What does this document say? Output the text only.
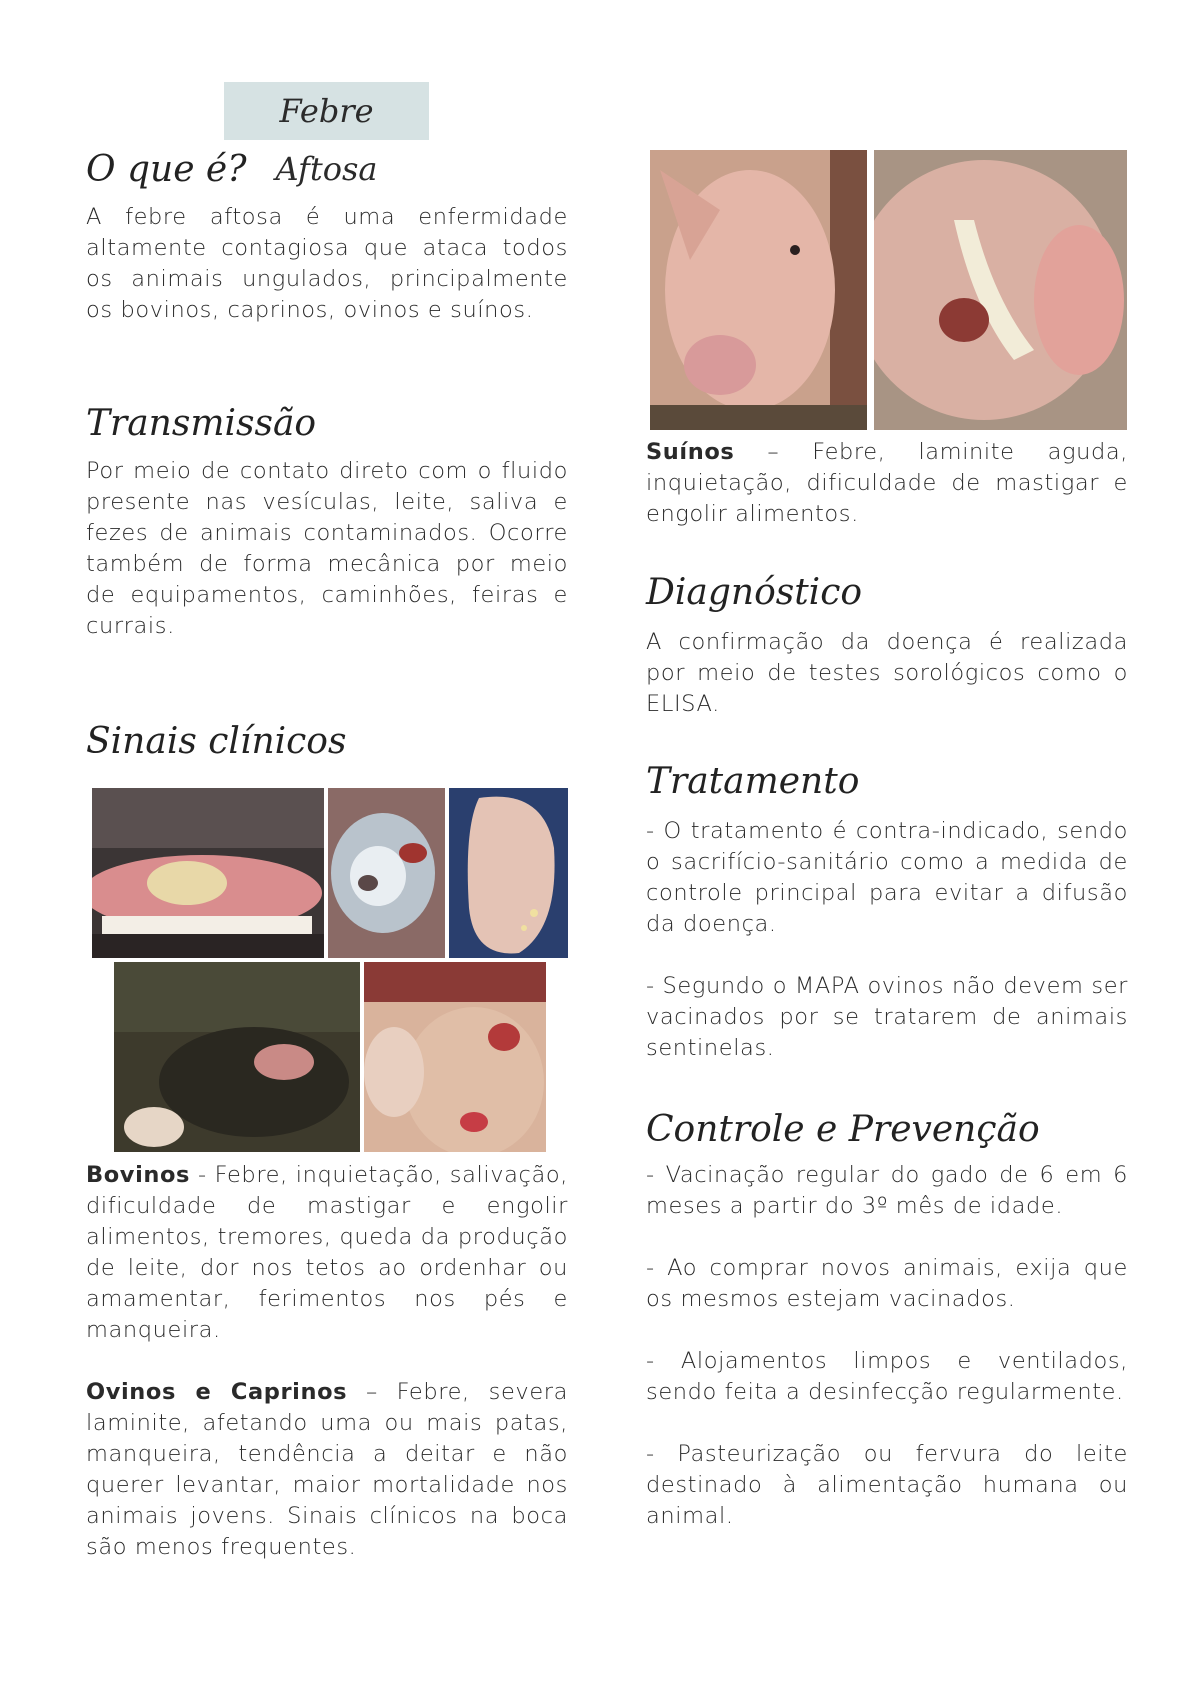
Febre Aftosa
O que é?

A febre aftosa é uma enfermidade altamente contagiosa que ataca todos os animais ungulados, principalmente os bovinos, caprinos, ovinos e suínos.

Transmissão

Por meio de contato direto com o fluido presente nas vesículas, leite, saliva e fezes de animais contaminados. Ocorre também de forma mecânica por meio de equipamentos, caminhões, feiras e currais.

Sinais clínicos

Bovinos - Febre, inquietação, salivação, dificuldade de mastigar e engolir alimentos, tremores, queda da produção de leite, dor nos tetos ao ordenhar ou amamentar, ferimentos nos pés e manqueira.

Ovinos e Caprinos – Febre, severa laminite, afetando uma ou mais patas, manqueira, tendência a deitar e não querer levantar, maior mortalidade nos animais jovens. Sinais clínicos na boca são menos frequentes.

Suínos – Febre, laminite aguda, inquietação, dificuldade de mastigar e engolir alimentos.

Diagnóstico

A confirmação da doença é realizada por meio de testes sorológicos como o ELISA.

Tratamento

- O tratamento é contra-indicado, sendo o sacrifício-sanitário como a medida de controle principal para evitar a difusão da doença.

- Segundo o MAPA ovinos não devem ser vacinados por se tratarem de animais sentinelas.

Controle e Prevenção

- Vacinação regular do gado de 6 em 6 meses a partir do 3º mês de idade.

- Ao comprar novos animais, exija que os mesmos estejam vacinados.

- Alojamentos limpos e ventilados, sendo feita a desinfecção regularmente.

- Pasteurização ou fervura do leite destinado à alimentação humana ou animal.
